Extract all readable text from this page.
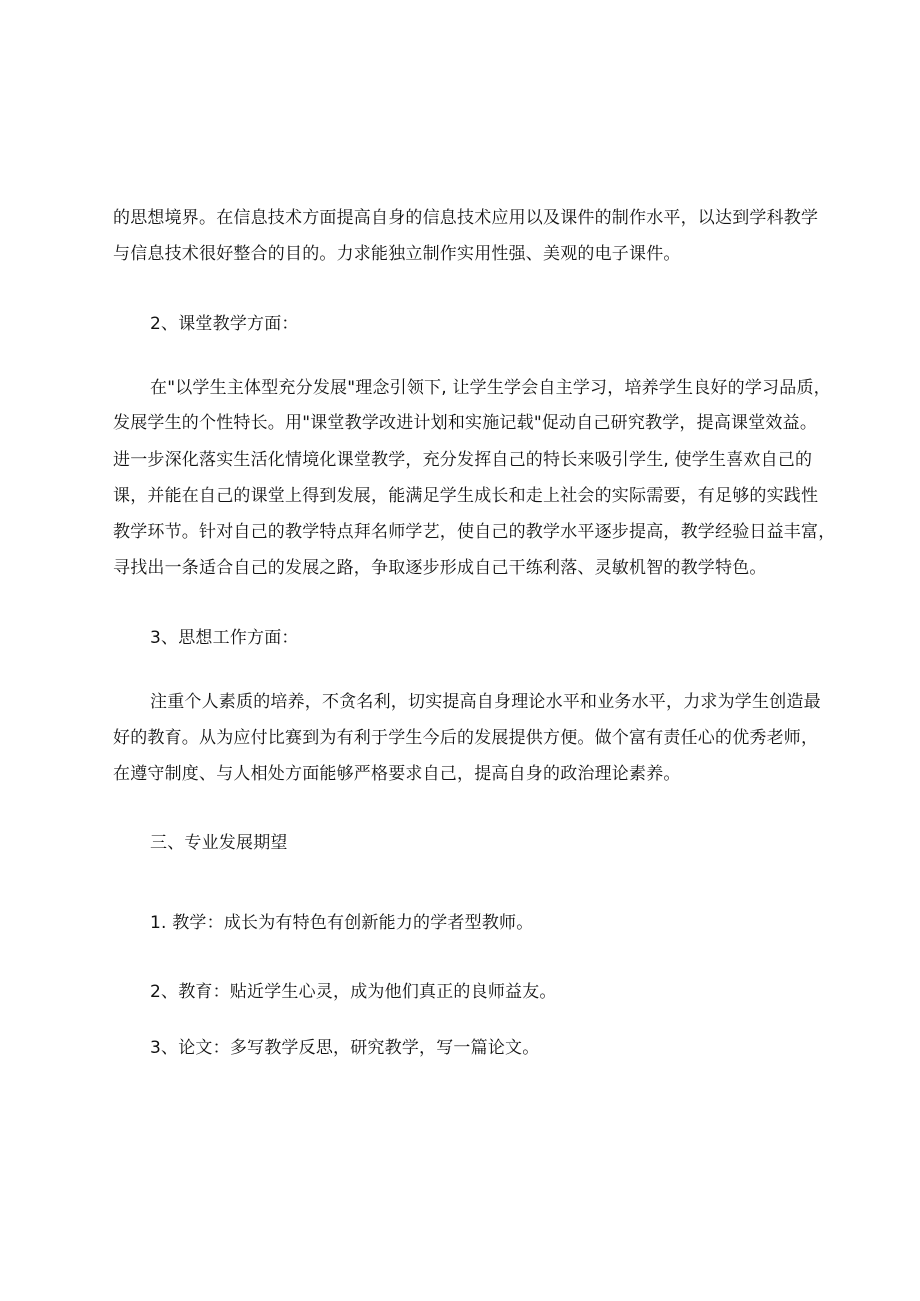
的思想境界。在信息技术方面提高自身的信息技术应用以及课件的制作水平，以达到学科教学
与信息技术很好整合的目的。力求能独立制作实用性强、美观的电子课件。
2、课堂教学方面：
在"以学生主体型充分发展"理念引领下, 让学生学会自主学习，培养学生良好的学习品质，
发展学生的个性特长。用"课堂教学改进计划和实施记载"促动自己研究教学，提高课堂效益。
进一步深化落实生活化情境化课堂教学，充分发挥自己的特长来吸引学生, 使学生喜欢自己的
课，并能在自己的课堂上得到发展，能满足学生成长和走上社会的实际需要，有足够的实践性
教学环节。针对自己的教学特点拜名师学艺，使自己的教学水平逐步提高，教学经验日益丰富，
寻找出一条适合自己的发展之路，争取逐步形成自己干练利落、灵敏机智的教学特色。
3、思想工作方面：
注重个人素质的培养，不贪名利，切实提高自身理论水平和业务水平，力求为学生创造最
好的教育。从为应付比赛到为有利于学生今后的发展提供方便。做个富有责任心的优秀老师，
在遵守制度、与人相处方面能够严格要求自己，提高自身的政治理论素养。
三、专业发展期望
1. 教学：成长为有特色有创新能力的学者型教师。
2、教育：贴近学生心灵，成为他们真正的良师益友。
3、论文：多写教学反思，研究教学，写一篇论文。
